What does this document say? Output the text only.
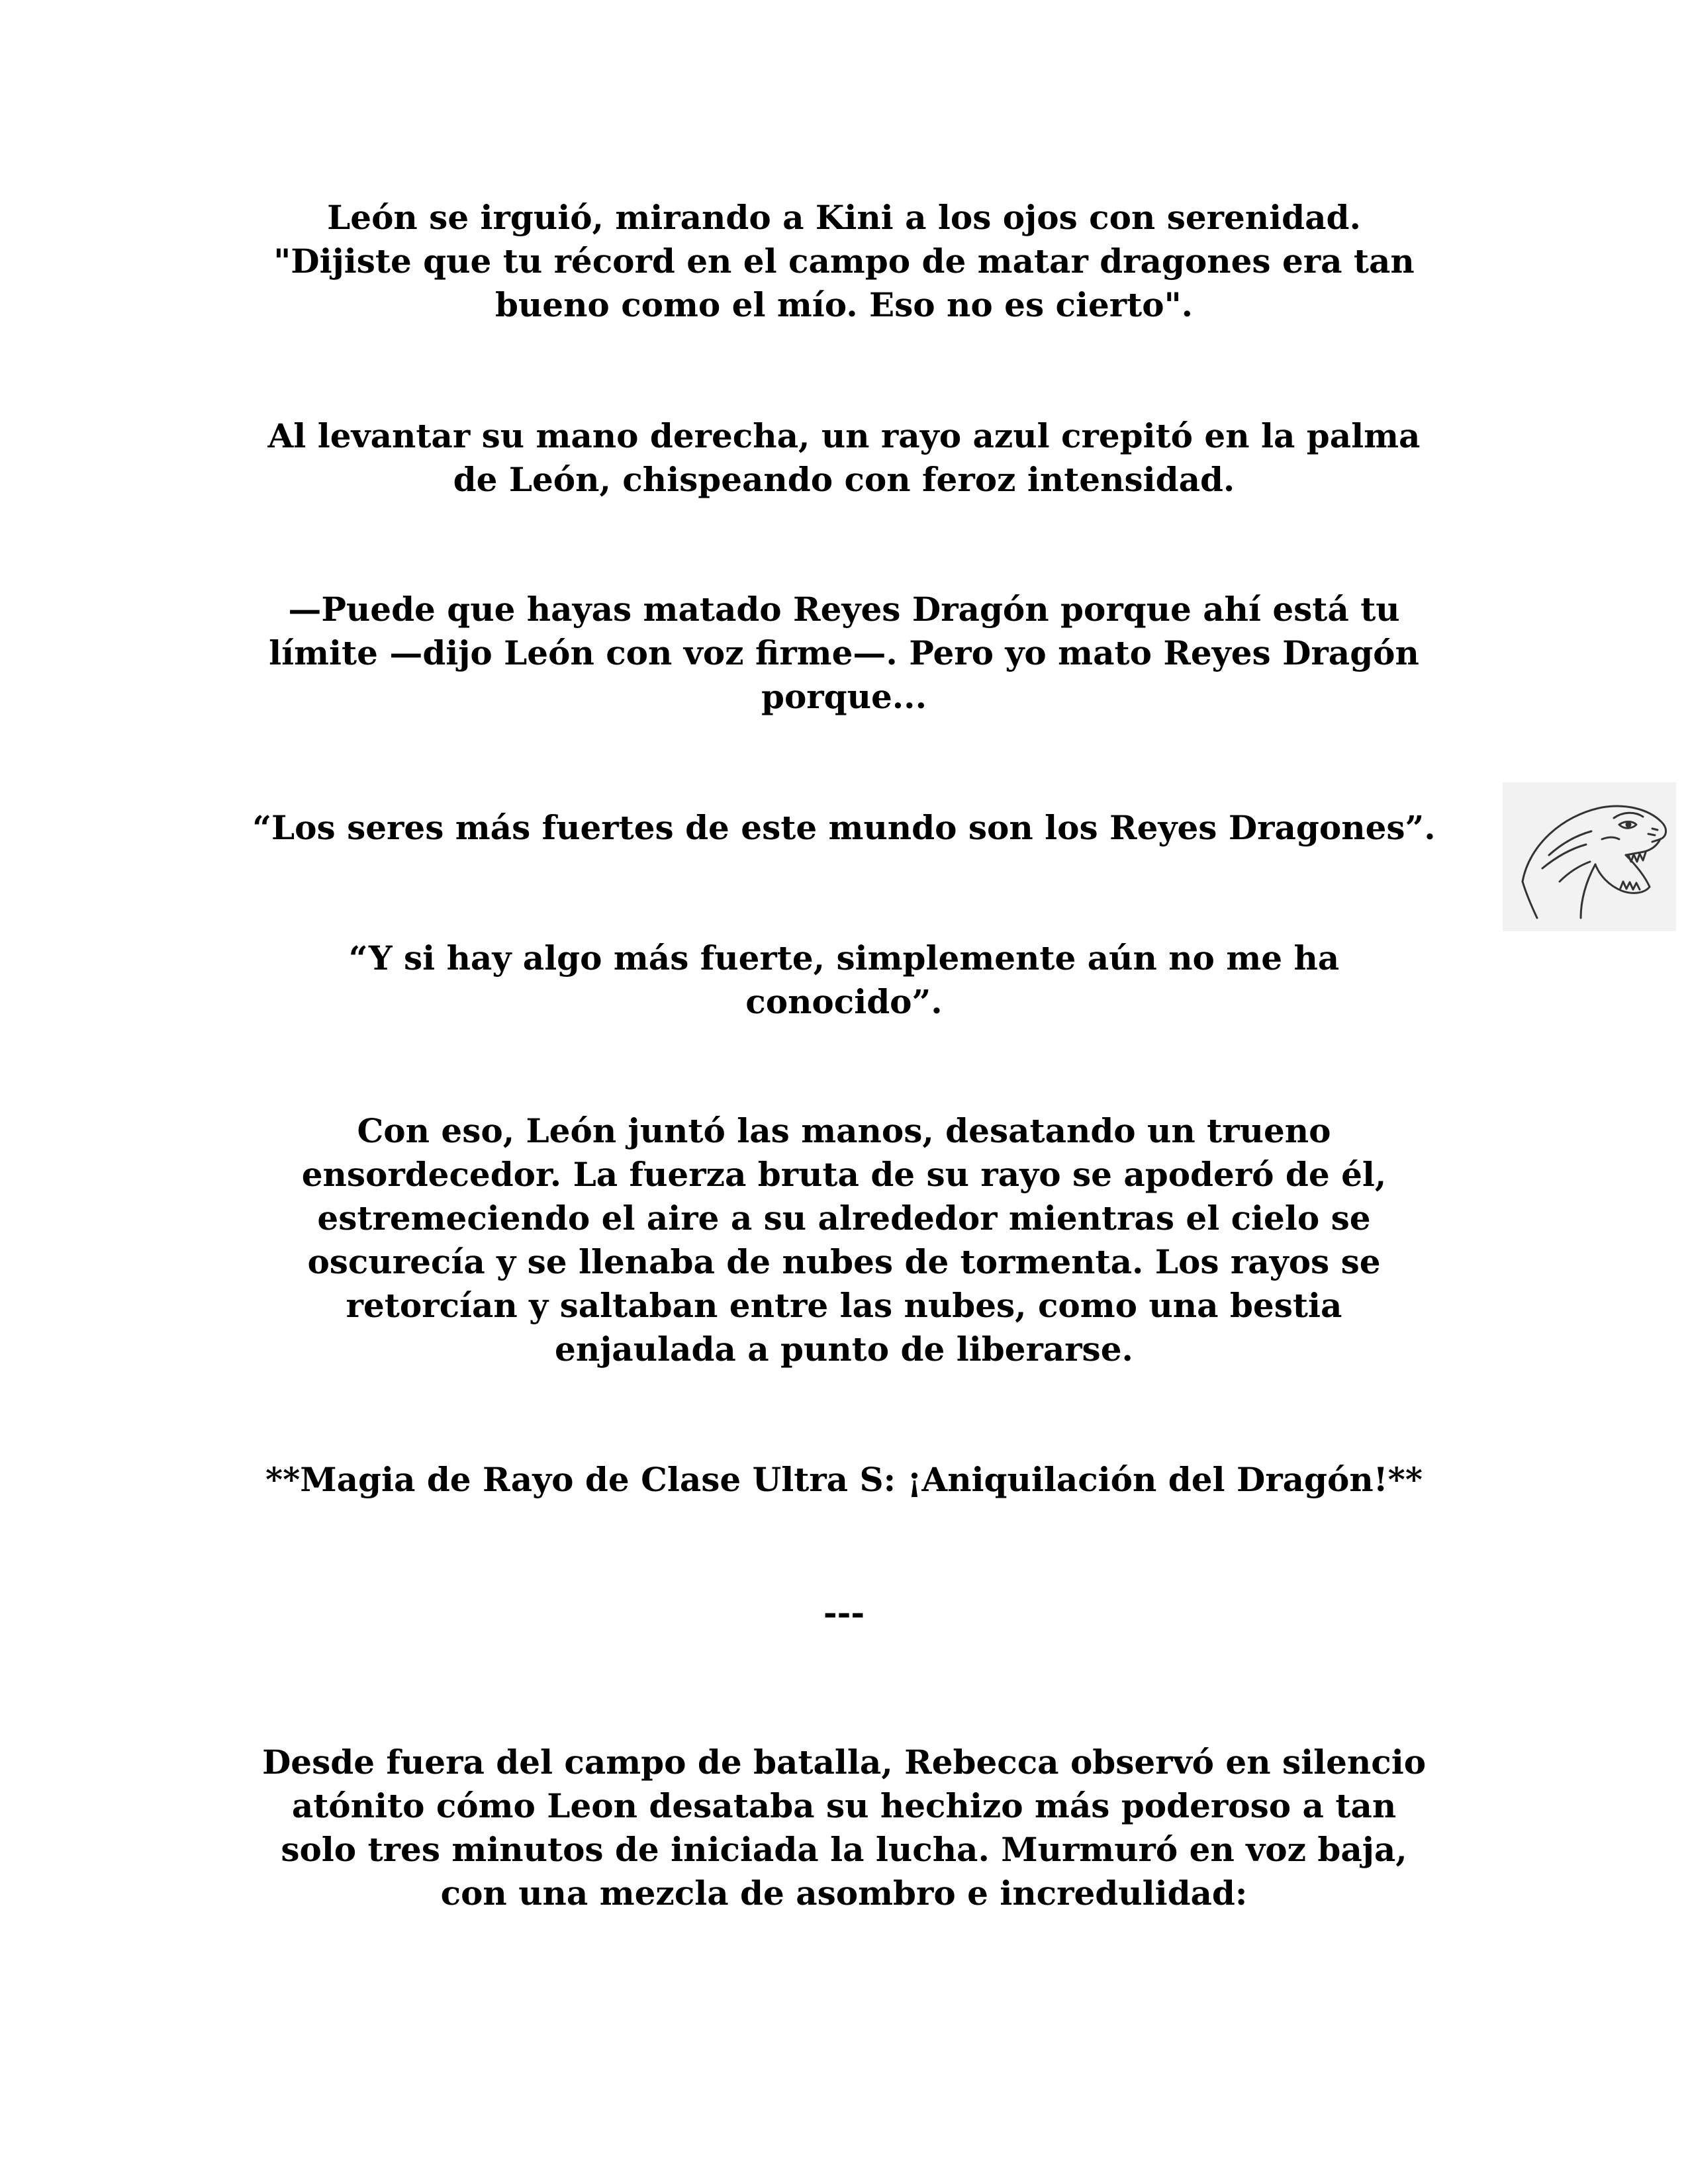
León se irguió, mirando a Kini a los ojos con serenidad.
"Dijiste que tu récord en el campo de matar dragones era tan
bueno como el mío. Eso no es cierto".

Al levantar su mano derecha, un rayo azul crepitó en la palma
de León, chispeando con feroz intensidad.

—Puede que hayas matado Reyes Dragón porque ahí está tu
límite —dijo León con voz firme—. Pero yo mato Reyes Dragón
porque...

“Los seres más fuertes de este mundo son los Reyes Dragones”.

“Y si hay algo más fuerte, simplemente aún no me ha
conocido”.

Con eso, León juntó las manos, desatando un trueno
ensordecedor. La fuerza bruta de su rayo se apoderó de él,
estremeciendo el aire a su alrededor mientras el cielo se
oscurecía y se llenaba de nubes de tormenta. Los rayos se
retorcían y saltaban entre las nubes, como una bestia
enjaulada a punto de liberarse.

**Magia de Rayo de Clase Ultra S: ¡Aniquilación del Dragón!**

---

Desde fuera del campo de batalla, Rebecca observó en silencio
atónito cómo Leon desataba su hechizo más poderoso a tan
solo tres minutos de iniciada la lucha. Murmuró en voz baja,
con una mezcla de asombro e incredulidad:
